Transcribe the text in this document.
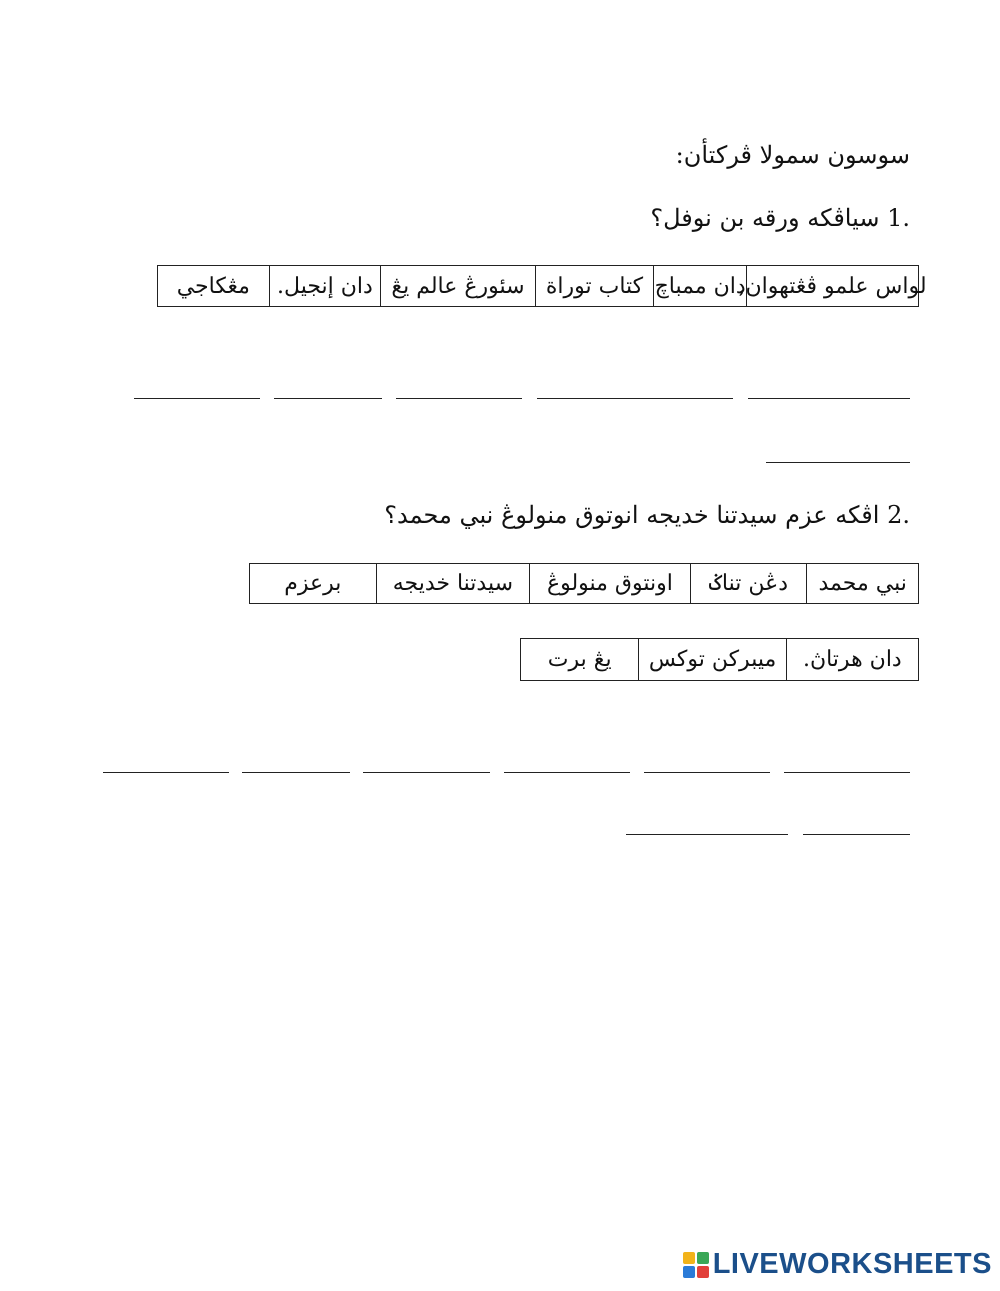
سوسون سمولا ڤركتأن:
1. سياڤكه ورقه بن نوفل؟
لواس علمو ڤڠتهوان,
دان ممباچ
كتاب توراة
سئورڠ عالم يڠ
دان إنجيل.
مڠكاجي
2. اڤكه عزم سيدتنا خديجه انوتوق منولوڠ نبي محمد؟
نبي محمد
دڠن تناݢ
اونتوق منولوڠ
سيدتنا خديجه
برعزم
دان هرتاڽ.
ميبركن توكس
يڠ برت
LIVEWORKSHEETS
